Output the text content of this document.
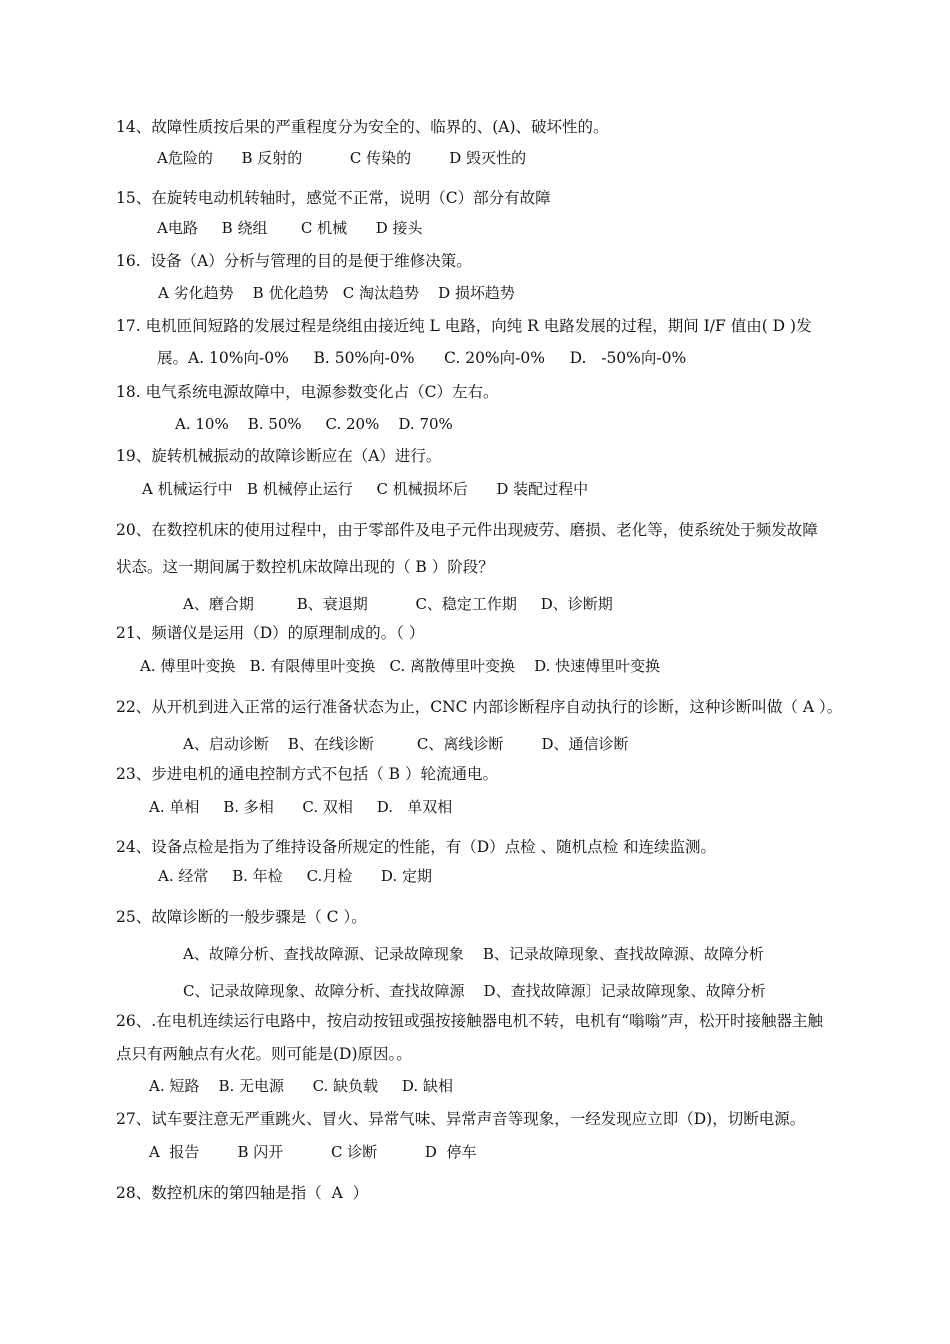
14、故障性质按后果的严重程度分为安全的、临界的、(A)、破坏性的。
A危险的      B 反射的          C 传染的        D 毁灭性的
15、在旋转电动机转轴时，感觉不正常，说明（C）部分有故障
A电路     B 绕组       C 机械      D 接头
16.  设备（A）分析与管理的目的是便于维修决策。
A 劣化趋势    B 优化趋势   C 淘汰趋势    D 损坏趋势
17. 电机匝间短路的发展过程是绕组由接近纯 L 电路，向纯 R 电路发展的过程，期间 I/F 值由( D )发
展。A. 10%向-0%     B. 50%向-0%      C. 20%向-0%     D.   -50%向-0%
18. 电气系统电源故障中，电源参数变化占（C）左右。
A. 10%    B. 50%     C. 20%    D. 70%
19、旋转机械振动的故障诊断应在（A）进行。
A 机械运行中   B 机械停止运行     C 机械损坏后      D 装配过程中
20、在数控机床的使用过程中，由于零部件及电子元件出现疲劳、磨损、老化等，使系统处于频发故障
状态。这一期间属于数控机床故障出现的（ B ）阶段？
A、磨合期         B、衰退期          C、稳定工作期     D、诊断期
21、频谱仪是运用（D）的原理制成的。（ ）
A. 傅里叶变换   B. 有限傅里叶变换   C. 离散傅里叶变换    D. 快速傅里叶变换
22、从开机到进入正常的运行准备状态为止，CNC 内部诊断程序自动执行的诊断，这种诊断叫做（ A ）。
A、启动诊断    B、在线诊断         C、离线诊断        D、通信诊断
23、步进电机的通电控制方式不包括（ B ）轮流通电。
A. 单相     B. 多相      C. 双相     D.   单双相
24、设备点检是指为了维持设备所规定的性能，有（D）点检 、随机点检 和连续监测。
A. 经常     B. 年检     C.月检      D. 定期
25、故障诊断的一般步骤是（ C ）。
A、故障分析、查找故障源、记录故障现象    B、记录故障现象、查找故障源、故障分析
C、记录故障现象、故障分析、查找故障源    D、查找故障源〕记录故障现象、故障分析
26、.在电机连续运行电路中，按启动按钮或强按接触器电机不转，电机有“嗡嗡”声，松开时接触器主触
点只有两触点有火花。则可能是(D)原因。。
A. 短路    B. 无电源      C. 缺负载     D. 缺相
27、试车要注意无严重跳火、冒火、异常气味、异常声音等现象，一经发现应立即（D)，切断电源。
A  报告        B 闪开          C 诊断          D  停车
28、数控机床的第四轴是指（  A  ）
